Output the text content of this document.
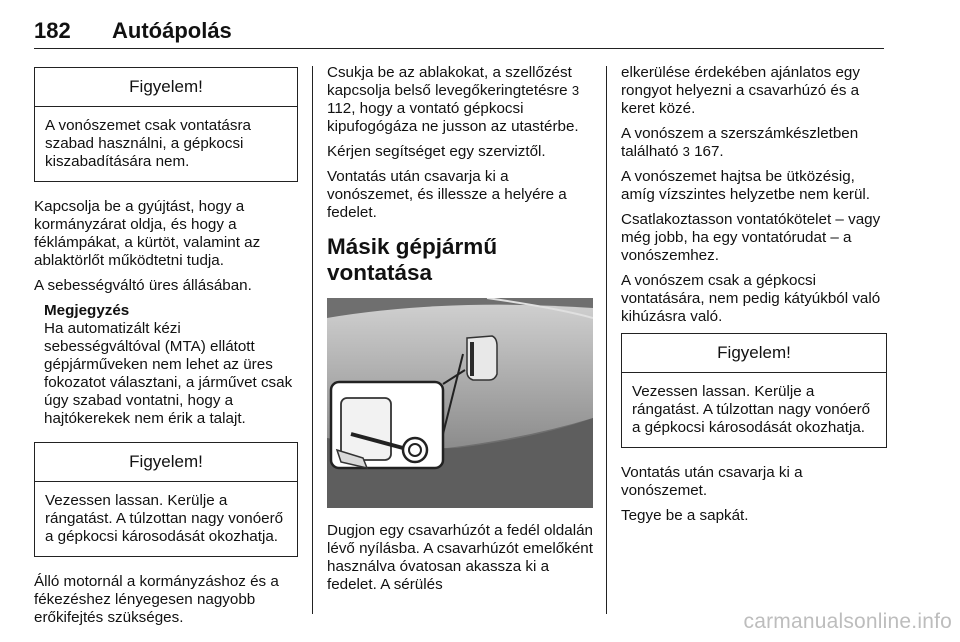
182 Autóápolás
Figyelem!
A vonószemet csak vontatásra szabad használni, a gépkocsi kiszabadítására nem.

Kapcsolja be a gyújtást, hogy a kormányzárat oldja, és hogy a féklámpákat, a kürtöt, valamint az ablaktörlőt működtetni tudja.

A sebességváltó üres állásában.

Megjegyzés
Ha automatizált kézi sebességváltóval (MTA) ellátott gépjárműveken nem lehet az üres fokozatot választani, a járművet csak úgy szabad vontatni, hogy a hajtókerekek nem érik a talajt.
Figyelem!
Vezessen lassan. Kerülje a rángatást. A túlzottan nagy vonóerő a gépkocsi károsodását okozhatja.

Álló motornál a kormányzáshoz és a fékezéshez lényegesen nagyobb erőkifejtés szükséges.

Csukja be az ablakokat, a szellőzést kapcsolja belső levegőkeringtetésre 3 112, hogy a vontató gépkocsi kipufogógáza ne jusson az utastérbe.

Kérjen segítséget egy szerviztől.

Vontatás után csavarja ki a vonószemet, és illessze a helyére a fedelet.

Másik gépjármű vontatása

Dugjon egy csavarhúzót a fedél oldalán lévő nyílásba. A csavarhúzót emelőként használva óvatosan akassza ki a fedelet. A sérülés

elkerülése érdekében ajánlatos egy rongyot helyezni a csavarhúzó és a keret közé.

A vonószem a szerszámkészletben található 3 167.

A vonószemet hajtsa be ütközésig, amíg vízszintes helyzetbe nem kerül.

Csatlakoztasson vontatókötelet – vagy még jobb, ha egy vontatórudat – a vonószemhez.

A vonószem csak a gépkocsi vontatására, nem pedig kátyúkból való kihúzásra való.

Figyelem!
Vezessen lassan. Kerülje a rángatást. A túlzottan nagy vonóerő a gépkocsi károsodását okozhatja.

Vontatás után csavarja ki a vonószemet.

Tegye be a sapkát.

carmanualsonline.info
